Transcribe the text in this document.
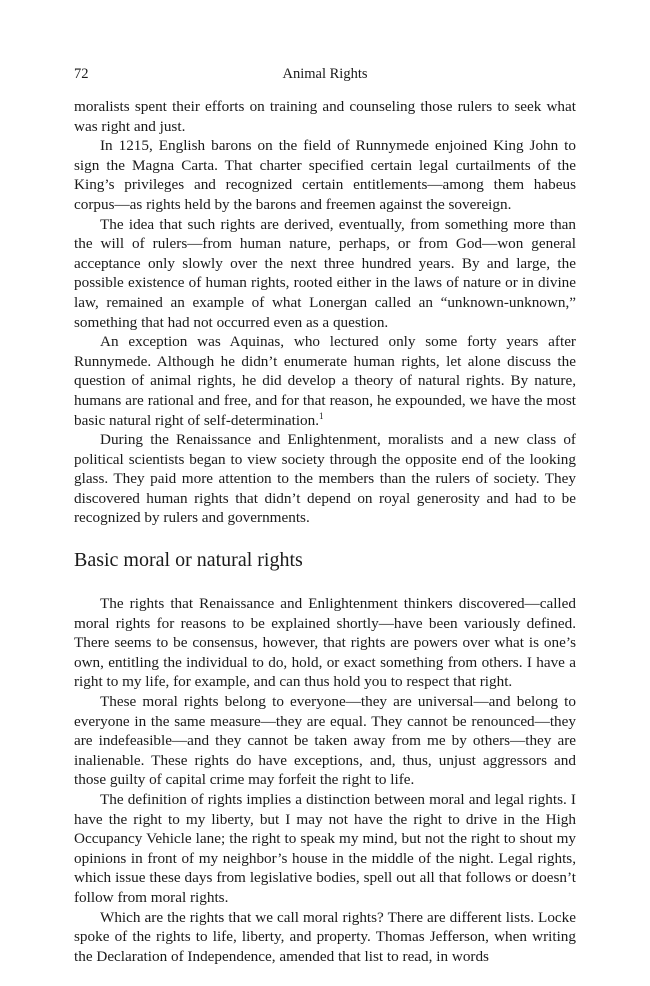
72	Animal Rights

moralists spent their efforts on training and counseling those rulers to seek what was right and just.

In 1215, English barons on the field of Runnymede enjoined King John to sign the Magna Carta. That charter specified certain legal curtailments of the King’s privileges and recognized certain entitlements—among them habeus corpus—as rights held by the barons and freemen against the sovereign.

The idea that such rights are derived, eventually, from something more than the will of rulers—from human nature, perhaps, or from God—won general acceptance only slowly over the next three hundred years. By and large, the possible existence of human rights, rooted either in the laws of nature or in divine law, remained an example of what Lonergan called an “unknown-unknown,” something that had not occurred even as a question.

An exception was Aquinas, who lectured only some forty years after Runnymede. Although he didn’t enumerate human rights, let alone discuss the question of animal rights, he did develop a theory of natural rights. By nature, humans are rational and free, and for that reason, he expounded, we have the most basic natural right of self-determination.$^1$

During the Renaissance and Enlightenment, moralists and a new class of political scientists began to view society through the opposite end of the looking glass. They paid more attention to the members than the rulers of society. They discovered human rights that didn’t depend on royal generosity and had to be recognized by rulers and governments.

Basic moral or natural rights

The rights that Renaissance and Enlightenment thinkers discovered—called moral rights for reasons to be explained shortly—have been variously defined. There seems to be consensus, however, that rights are powers over what is one’s own, entitling the individual to do, hold, or exact something from others. I have a right to my life, for example, and can thus hold you to respect that right.

These moral rights belong to everyone—they are universal—and belong to everyone in the same measure—they are equal. They cannot be renounced—they are indefeasible—and they cannot be taken away from me by others—they are inalienable. These rights do have exceptions, and, thus, unjust aggressors and those guilty of capital crime may forfeit the right to life.

The definition of rights implies a distinction between moral and legal rights. I have the right to my liberty, but I may not have the right to drive in the High Occupancy Vehicle lane; the right to speak my mind, but not the right to shout my opinions in front of my neighbor’s house in the middle of the night. Legal rights, which issue these days from legislative bodies, spell out all that follows or doesn’t follow from moral rights.

Which are the rights that we call moral rights? There are different lists. Locke spoke of the rights to life, liberty, and property. Thomas Jefferson, when writing the Declaration of Independence, amended that list to read, in words
